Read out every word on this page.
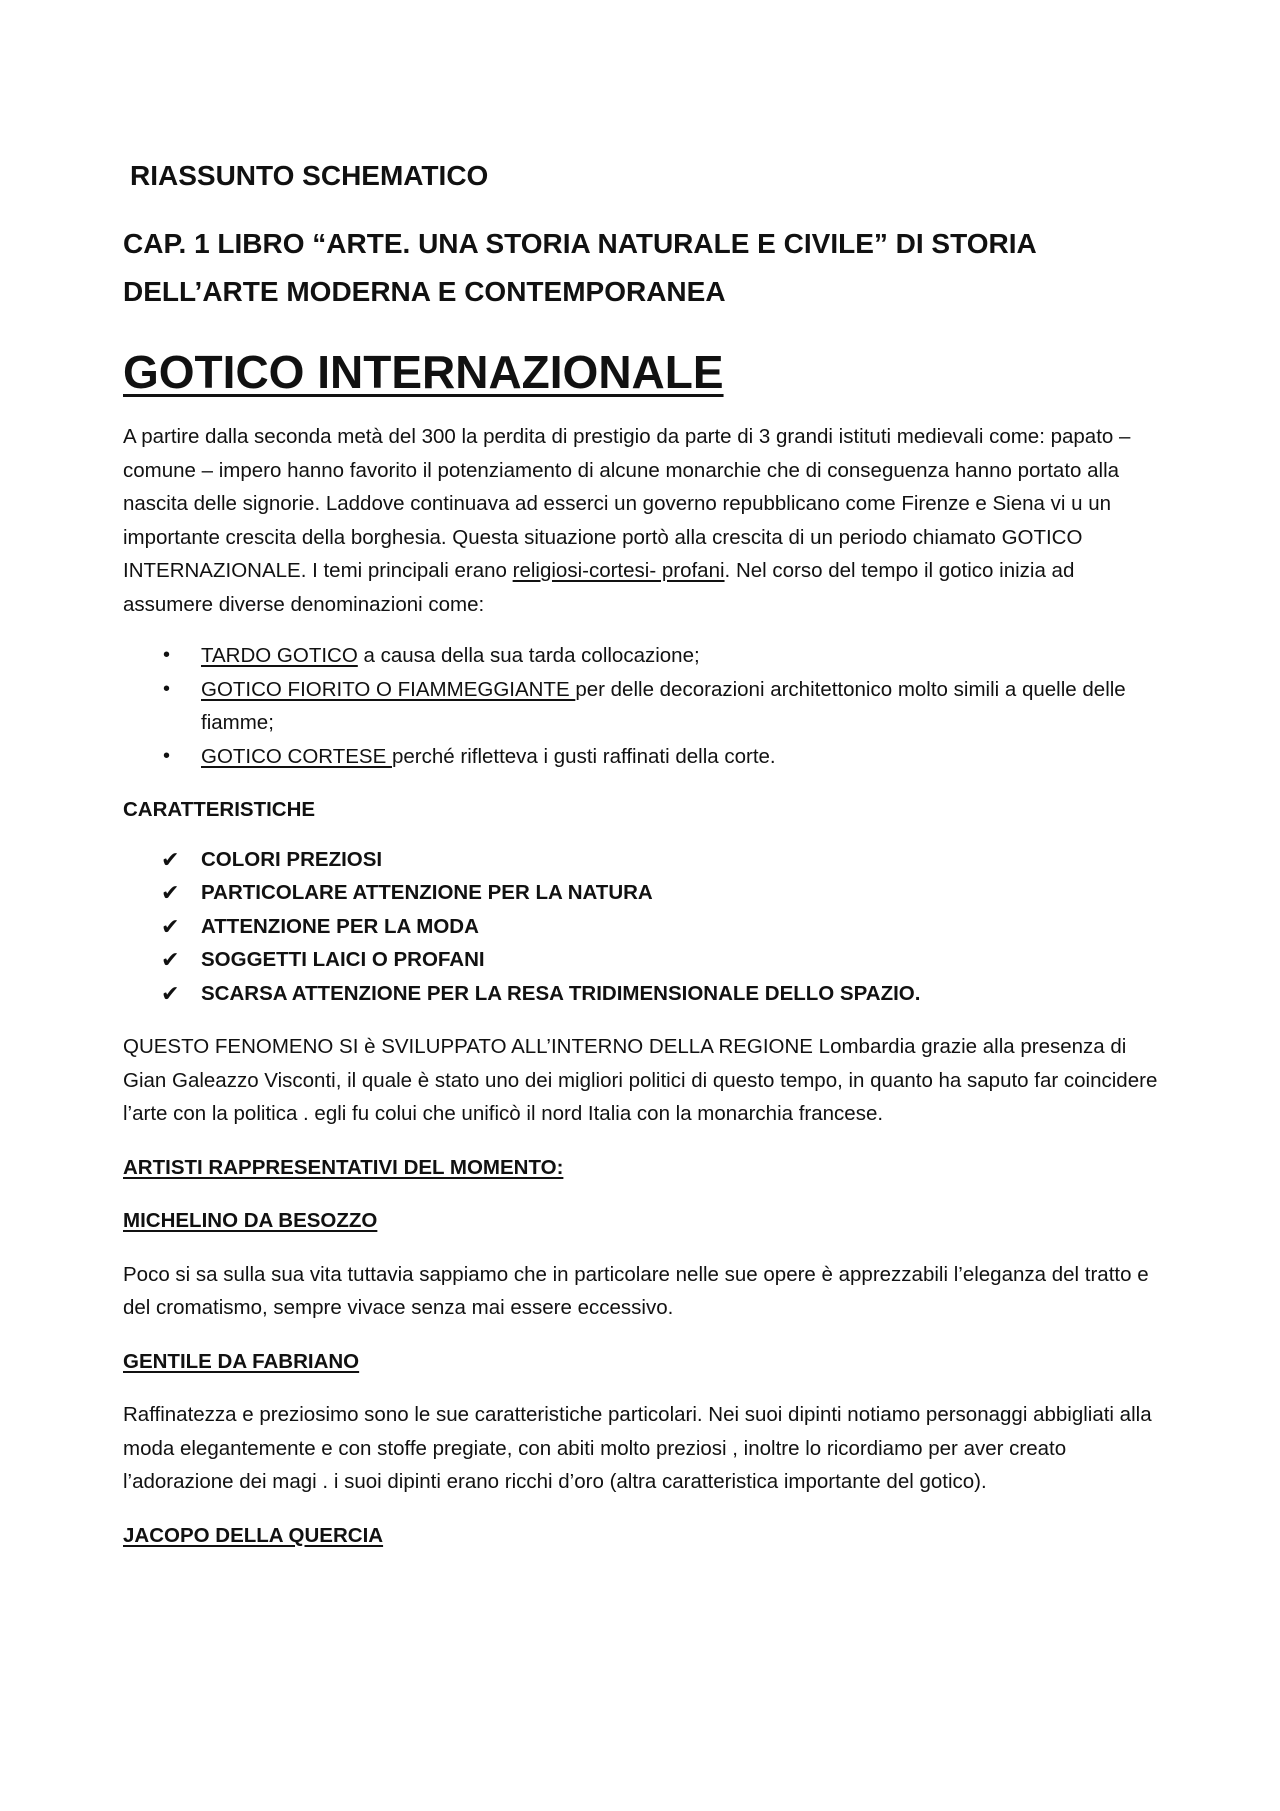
RIASSUNTO SCHEMATICO
CAP. 1 LIBRO “ARTE. UNA STORIA NATURALE E CIVILE” DI STORIA DELL’ARTE MODERNA E CONTEMPORANEA
GOTICO INTERNAZIONALE

A partire dalla seconda metà del 300 la perdita di prestigio da parte di 3 grandi istituti medievali come: papato –comune – impero hanno favorito il potenziamento di alcune monarchie che di conseguenza hanno portato alla nascita delle signorie. Laddove continuava ad esserci un governo repubblicano come Firenze e Siena vi u un importante crescita della borghesia. Questa situazione portò alla crescita di un periodo chiamato GOTICO INTERNAZIONALE. I temi principali erano religiosi-cortesi- profani. Nel corso del tempo il gotico inizia ad assumere diverse denominazioni come:

• TARDO GOTICO a causa della sua tarda collocazione;
• GOTICO FIORITO O FIAMMEGGIANTE per delle decorazioni architettonico molto simili a quelle delle fiamme;
• GOTICO CORTESE perché rifletteva i gusti raffinati della corte.
CARATTERISTICHE
✔ COLORI PREZIOSI
✔ PARTICOLARE ATTENZIONE PER LA NATURA
✔ ATTENZIONE PER LA MODA
✔ SOGGETTI LAICI O PROFANI
✔ SCARSA ATTENZIONE PER LA RESA TRIDIMENSIONALE DELLO SPAZIO.

QUESTO FENOMENO SI è SVILUPPATO ALL’INTERNO DELLA REGIONE Lombardia grazie alla presenza di Gian Galeazzo Visconti, il quale è stato uno dei migliori politici di questo tempo, in quanto ha saputo far coincidere l’arte con la politica . egli fu colui che unificò il nord Italia con la monarchia francese.

ARTISTI RAPPRESENTATIVI DEL MOMENTO:
MICHELINO DA BESOZZO

Poco si sa sulla sua vita tuttavia sappiamo che in particolare nelle sue opere è apprezzabili l’eleganza del tratto e del cromatismo, sempre vivace senza mai essere eccessivo.

GENTILE DA FABRIANO

Raffinatezza e preziosimo sono le sue caratteristiche particolari. Nei suoi dipinti notiamo personaggi abbigliati alla moda elegantemente e con stoffe pregiate, con abiti molto preziosi , inoltre lo ricordiamo per aver creato l’adorazione dei magi . i suoi dipinti erano ricchi d’oro (altra caratteristica importante del gotico).

JACOPO DELLA QUERCIA
